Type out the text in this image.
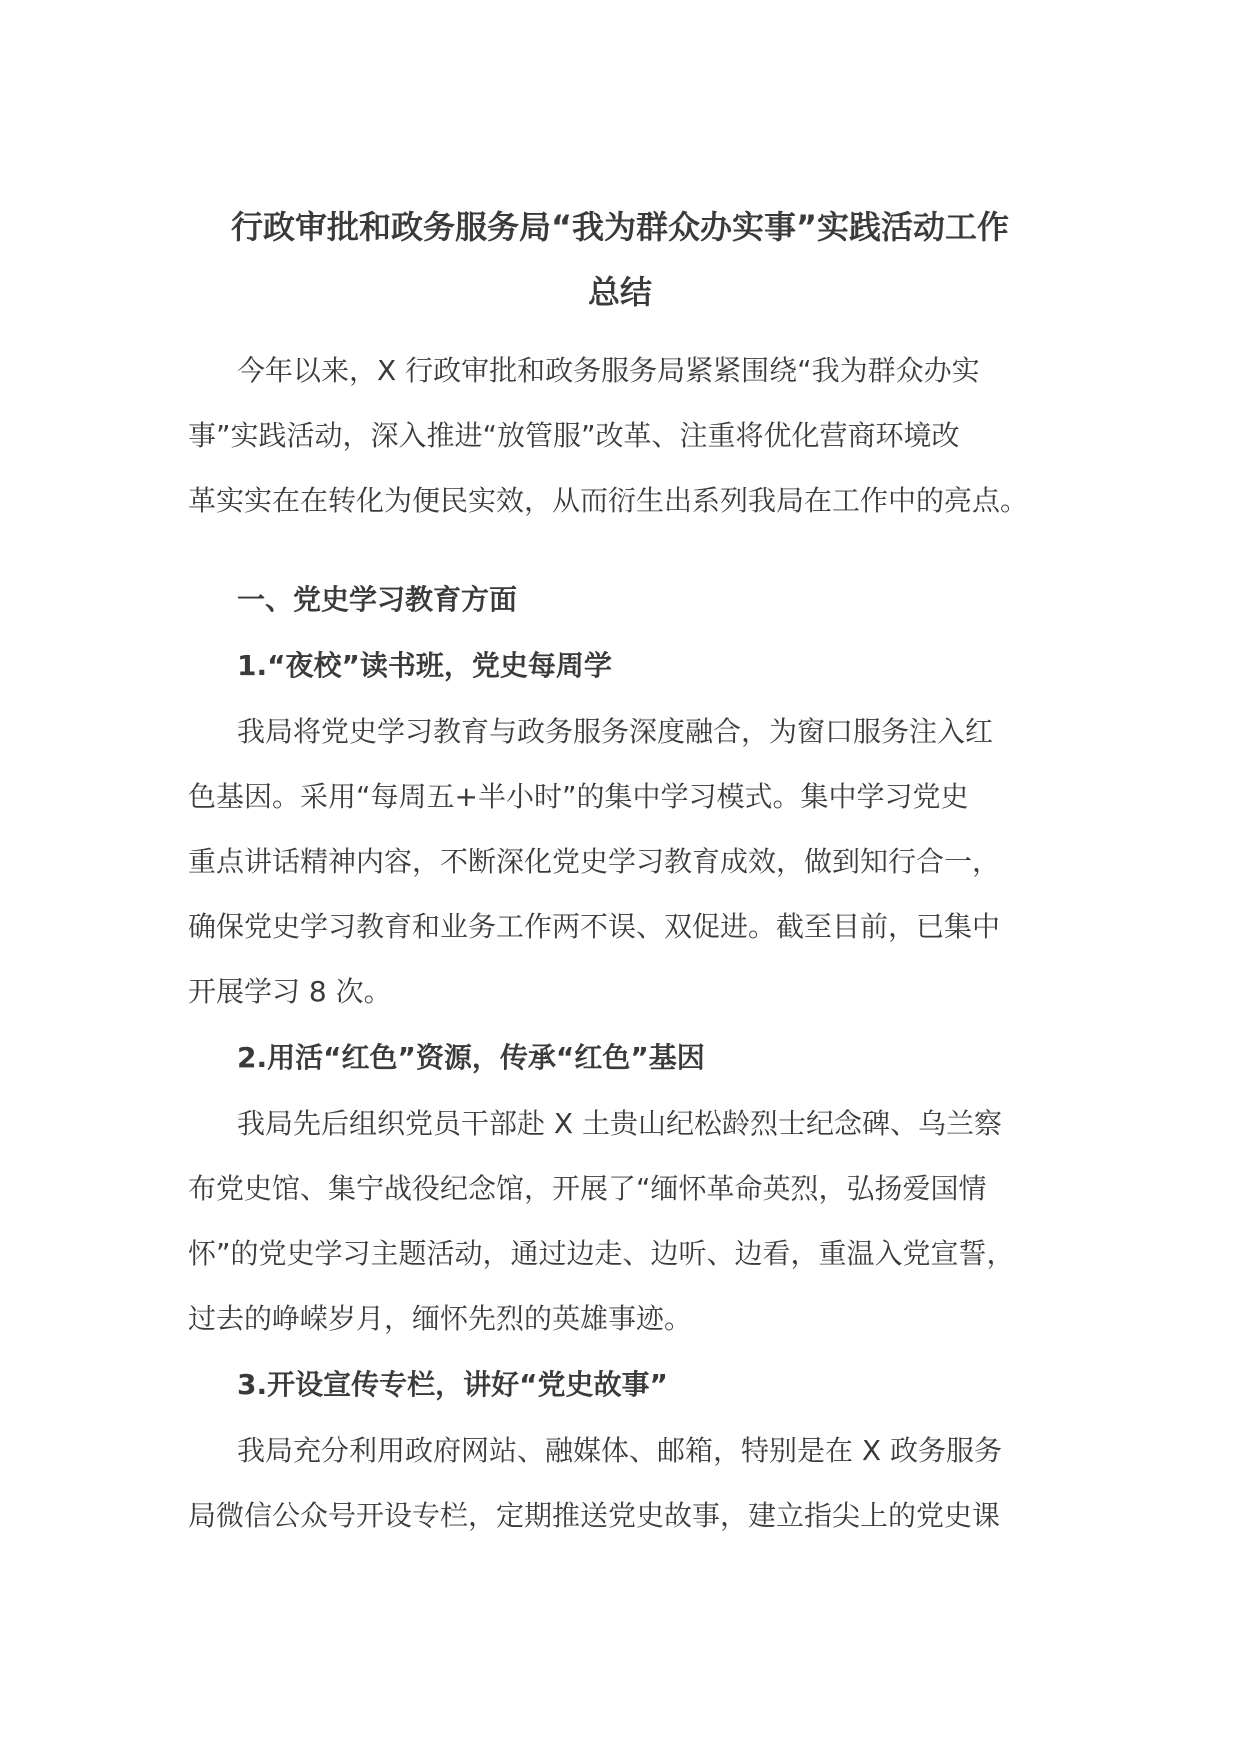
行政审批和政务服务局“我为群众办实事”实践活动工作
总结
今年以来，X 行政审批和政务服务局紧紧围绕“我为群众办实
事”实践活动，深入推进“放管服”改革、注重将优化营商环境改
革实实在在转化为便民实效，从而衍生出系列我局在工作中的亮点。
一、党史学习教育方面
1.“夜校”读书班，党史每周学
我局将党史学习教育与政务服务深度融合，为窗口服务注入红
色基因。采用“每周五+半小时”的集中学习模式。集中学习党史
重点讲话精神内容，不断深化党史学习教育成效，做到知行合一，
确保党史学习教育和业务工作两不误、双促进。截至目前，已集中
开展学习 8 次。
2.用活“红色”资源，传承“红色”基因
我局先后组织党员干部赴 X 土贵山纪松龄烈士纪念碑、乌兰察
布党史馆、集宁战役纪念馆，开展了“缅怀革命英烈，弘扬爱国情
怀”的党史学习主题活动，通过边走、边听、边看，重温入党宣誓，
过去的峥嵘岁月，缅怀先烈的英雄事迹。
3.开设宣传专栏，讲好“党史故事”
我局充分利用政府网站、融媒体、邮箱，特别是在 X 政务服务
局微信公众号开设专栏，定期推送党史故事，建立指尖上的党史课
